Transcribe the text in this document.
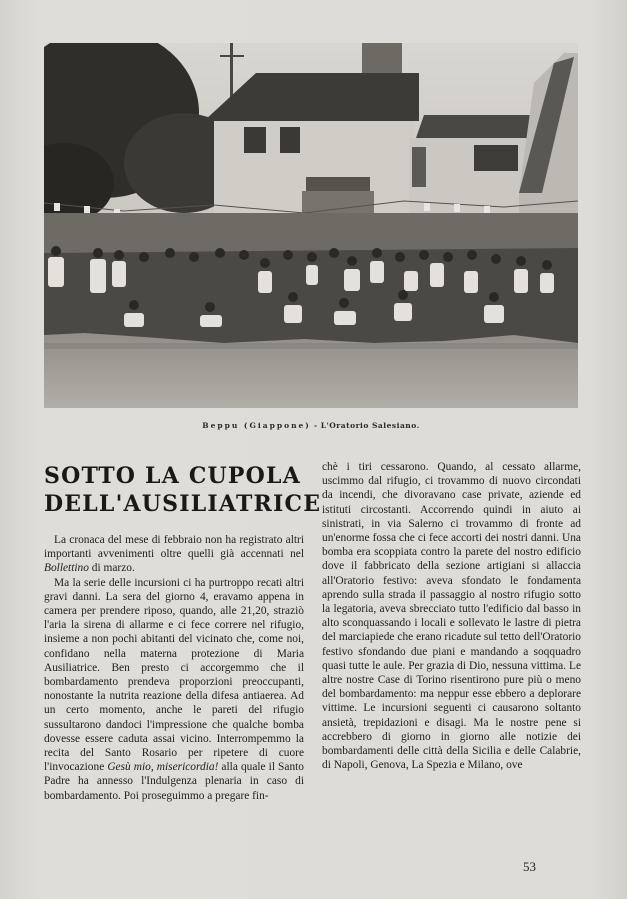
Beppu (Giappone) - L'Oratorio Salesiano.
SOTTO LA CUPOLA
DELL'AUSILIATRICE

La cronaca del mese di febbraio non ha registrato altri importanti avvenimenti oltre quelli già accennati nel Bollettino di marzo.

Ma la serie delle incursioni ci ha purtroppo recati altri gravi danni. La sera del giorno 4, eravamo appena in camera per prendere riposo, quando, alle 21,20, straziò l'aria la sirena di allarme e ci fece correre nel rifugio, insieme a non pochi abitanti del vicinato che, come noi, confidano nella materna protezione di Maria Ausiliatrice. Ben presto ci accorgemmo che il bombardamento prendeva proporzioni preoccupanti, nonostante la nutrita reazione della difesa antiaerea. Ad un certo momento, anche le pareti del rifugio sussultarono dandoci l'impressione che qualche bomba dovesse essere caduta assai vicino. Interrompemmo la recita del Santo Rosario per ripetere di cuore l'invocazione Gesù mio, misericordia! alla quale il Santo Padre ha annesso l'Indulgenza plenaria in caso di bombardamento. Poi proseguimmo a pregare fin-

chè i tiri cessarono. Quando, al cessato allarme, uscimmo dal rifugio, ci trovammo di nuovo circondati da incendi, che divoravano case private, aziende ed istituti circostanti. Accorrendo quindi in aiuto ai sinistrati, in via Salerno ci trovammo di fronte ad un'enorme fossa che ci fece accorti dei nostri danni. Una bomba era scoppiata contro la parete del nostro edificio dove il fabbricato della sezione artigiani si allaccia all'Oratorio festivo: aveva sfondato le fondamenta aprendo sulla strada il passaggio al nostro rifugio sotto la legatoria, aveva sbrecciato tutto l'edificio dal basso in alto sconquassando i locali e sollevato le lastre di pietra del marciapiede che erano ricadute sul tetto dell'Oratorio festivo sfondando due piani e mandando a soqquadro quasi tutte le aule. Per grazia di Dio, nessuna vittima. Le altre nostre Case di Torino risentirono pure più o meno del bombardamento: ma neppur esse ebbero a deplorare vittime. Le incursioni seguenti ci causarono soltanto ansietà, trepidazioni e disagi. Ma le nostre pene si accrebbero di giorno in giorno alle notizie dei bombardamenti delle città della Sicilia e delle Calabrie, di Napoli, Genova, La Spezia e Milano, ove

53
